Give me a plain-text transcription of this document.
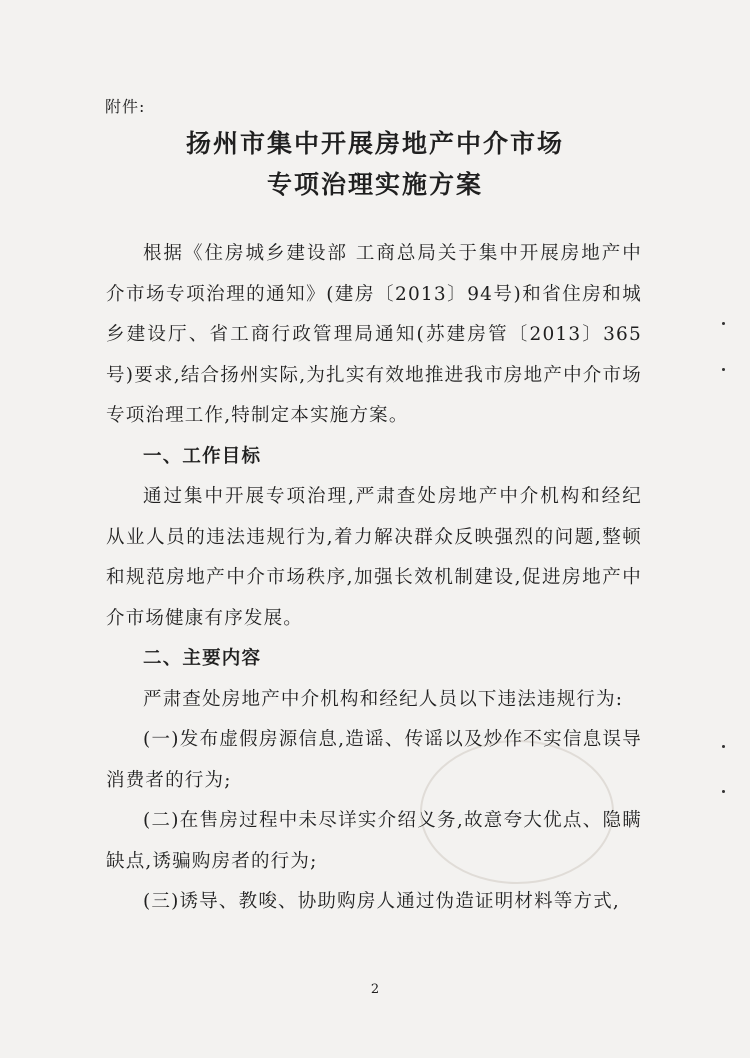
附件:
扬州市集中开展房地产中介市场
专项治理实施方案

根据《住房城乡建设部 工商总局关于集中开展房地产中介市场专项治理的通知》(建房〔2013〕94号)和省住房和城乡建设厅、省工商行政管理局通知(苏建房管〔2013〕365号)要求,结合扬州实际,为扎实有效地推进我市房地产中介市场专项治理工作,特制定本实施方案。

一、工作目标

通过集中开展专项治理,严肃查处房地产中介机构和经纪从业人员的违法违规行为,着力解决群众反映强烈的问题,整顿和规范房地产中介市场秩序,加强长效机制建设,促进房地产中介市场健康有序发展。

二、主要内容

严肃查处房地产中介机构和经纪人员以下违法违规行为:

(一)发布虚假房源信息,造谣、传谣以及炒作不实信息误导消费者的行为;

(二)在售房过程中未尽详实介绍义务,故意夸大优点、隐瞒缺点,诱骗购房者的行为;

(三)诱导、教唆、协助购房人通过伪造证明材料等方式,

2
